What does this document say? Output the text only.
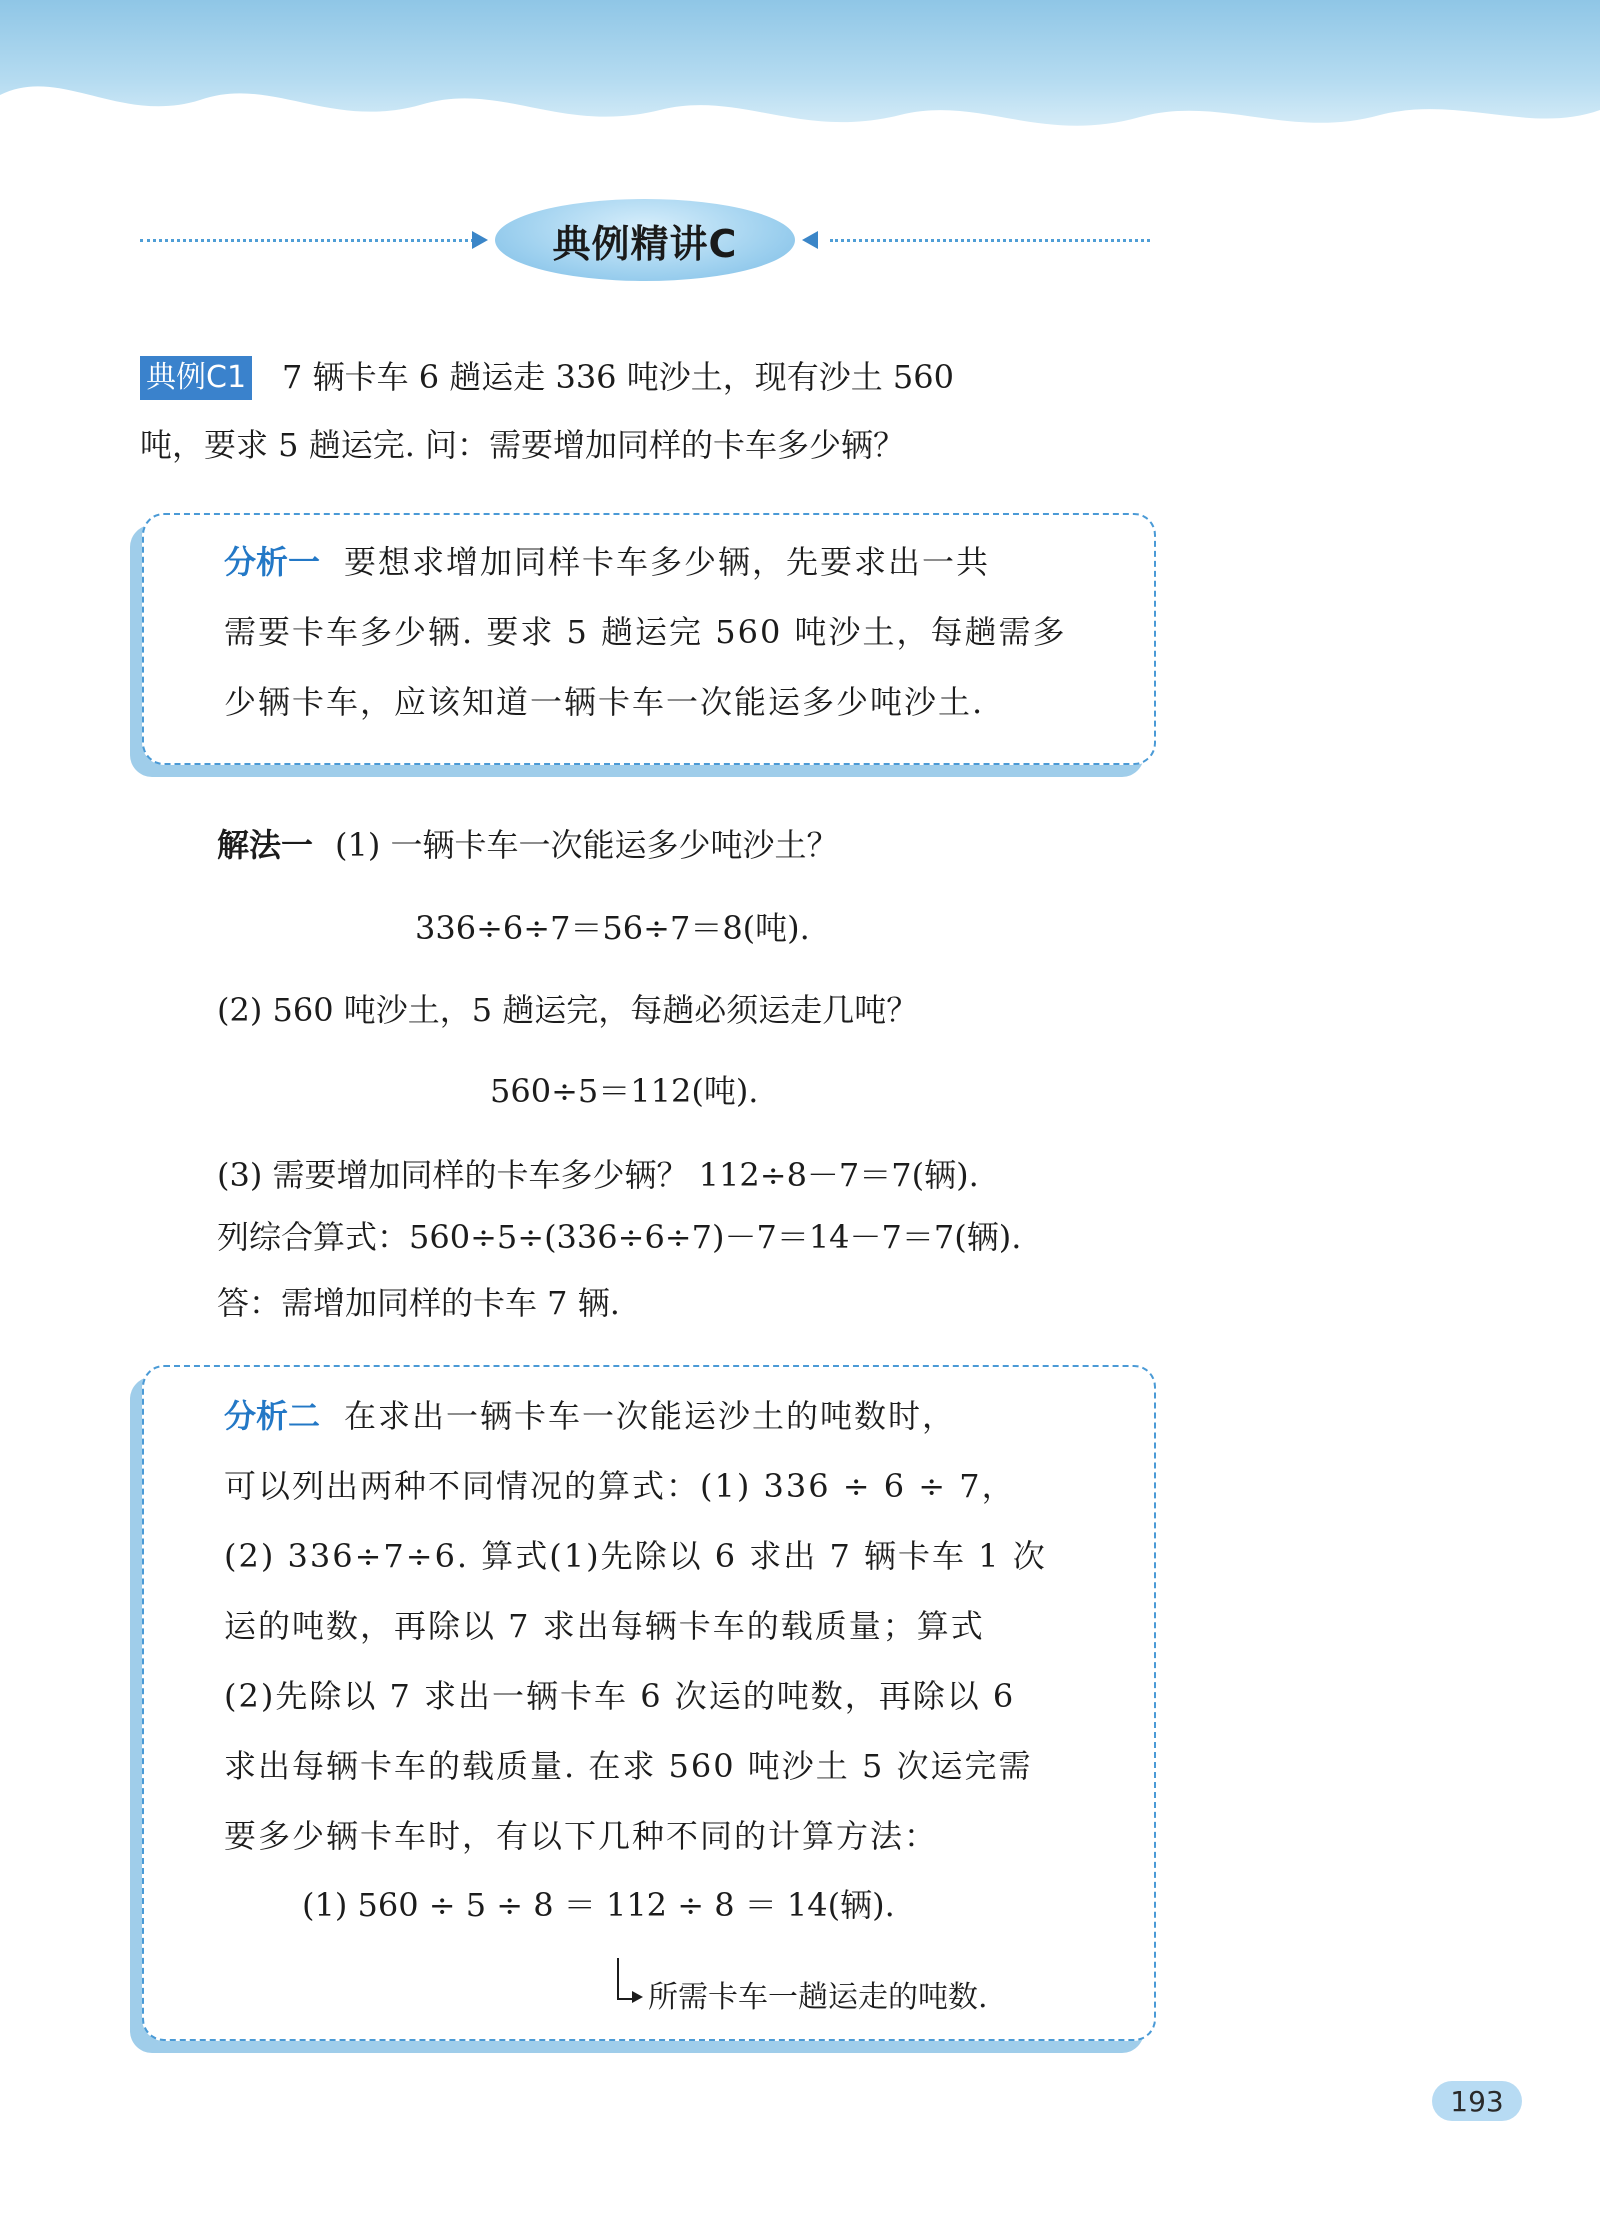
典例精讲C
典例C1 7 辆卡车 6 趟运走 336 吨沙土，现有沙土 560
吨，要求 5 趟运完. 问：需要增加同样的卡车多少辆？
分析一 要想求增加同样卡车多少辆，先要求出一共
需要卡车多少辆. 要求 5 趟运完 560 吨沙土，每趟需多
少辆卡车，应该知道一辆卡车一次能运多少吨沙土.
解法一 (1) 一辆卡车一次能运多少吨沙土？
336÷6÷7＝56÷7＝8(吨).
(2) 560 吨沙土，5 趟运完，每趟必须运走几吨？
560÷5＝112(吨).
(3) 需要增加同样的卡车多少辆？ 112÷8－7＝7(辆).
列综合算式：560÷5÷(336÷6÷7)－7＝14－7＝7(辆).
答：需增加同样的卡车 7 辆.
分析二 在求出一辆卡车一次能运沙土的吨数时，
可以列出两种不同情况的算式：(1) 336 ÷ 6 ÷ 7，
(2) 336÷7÷6. 算式(1)先除以 6 求出 7 辆卡车 1 次
运的吨数，再除以 7 求出每辆卡车的载质量；算式
(2)先除以 7 求出一辆卡车 6 次运的吨数，再除以 6
求出每辆卡车的载质量. 在求 560 吨沙土 5 次运完需
要多少辆卡车时，有以下几种不同的计算方法：
(1) 560 ÷ 5 ÷ 8 ＝ 112 ÷ 8 ＝ 14(辆).
所需卡车一趟运走的吨数.
193
